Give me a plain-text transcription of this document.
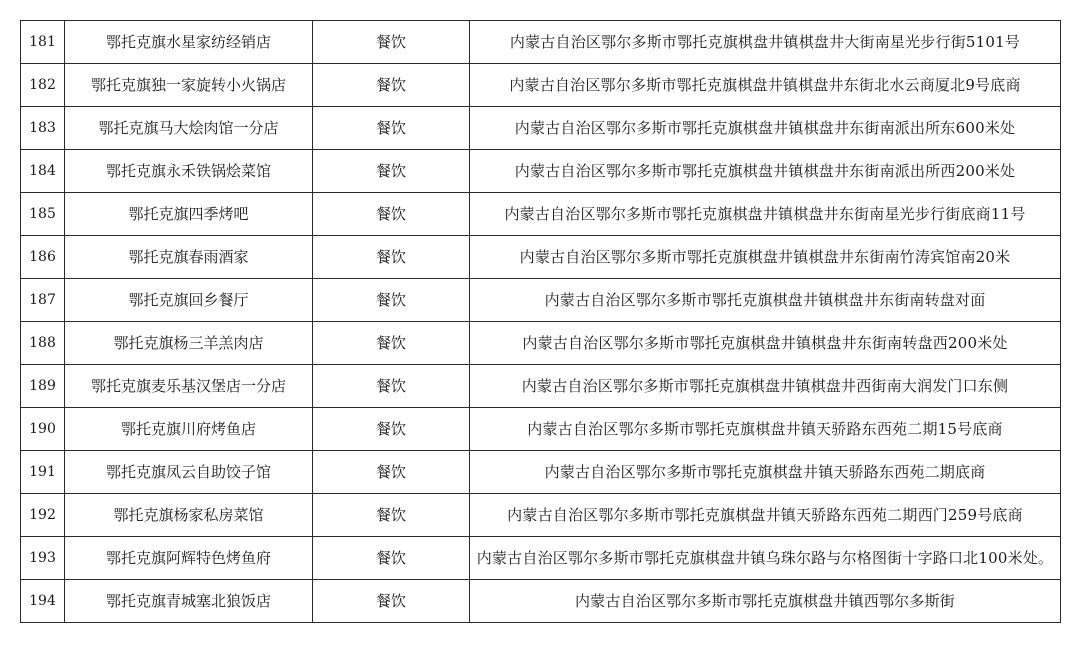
181	鄂托克旗水星家纺经销店	餐饮	内蒙古自治区鄂尔多斯市鄂托克旗棋盘井镇棋盘井大街南星光步行街5101号
182	鄂托克旗独一家旋转小火锅店	餐饮	内蒙古自治区鄂尔多斯市鄂托克旗棋盘井镇棋盘井东街北水云商厦北9号底商
183	鄂托克旗马大烩肉馆一分店	餐饮	内蒙古自治区鄂尔多斯市鄂托克旗棋盘井镇棋盘井东街南派出所东600米处
184	鄂托克旗永禾铁锅烩菜馆	餐饮	内蒙古自治区鄂尔多斯市鄂托克旗棋盘井镇棋盘井东街南派出所西200米处
185	鄂托克旗四季烤吧	餐饮	内蒙古自治区鄂尔多斯市鄂托克旗棋盘井镇棋盘井东街南星光步行街底商11号
186	鄂托克旗春雨酒家	餐饮	内蒙古自治区鄂尔多斯市鄂托克旗棋盘井镇棋盘井东街南竹涛宾馆南20米
187	鄂托克旗回乡餐厅	餐饮	内蒙古自治区鄂尔多斯市鄂托克旗棋盘井镇棋盘井东街南转盘对面
188	鄂托克旗杨三羊羔肉店	餐饮	内蒙古自治区鄂尔多斯市鄂托克旗棋盘井镇棋盘井东街南转盘西200米处
189	鄂托克旗麦乐基汉堡店一分店	餐饮	内蒙古自治区鄂尔多斯市鄂托克旗棋盘井镇棋盘井西街南大润发门口东侧
190	鄂托克旗川府烤鱼店	餐饮	内蒙古自治区鄂尔多斯市鄂托克旗棋盘井镇天骄路东西苑二期15号底商
191	鄂托克旗凤云自助饺子馆	餐饮	内蒙古自治区鄂尔多斯市鄂托克旗棋盘井镇天骄路东西苑二期底商
192	鄂托克旗杨家私房菜馆	餐饮	内蒙古自治区鄂尔多斯市鄂托克旗棋盘井镇天骄路东西苑二期西门259号底商
193	鄂托克旗阿辉特色烤鱼府	餐饮	内蒙古自治区鄂尔多斯市鄂托克旗棋盘井镇乌珠尔路与尔格图街十字路口北100米处。
194	鄂托克旗青城塞北狼饭店	餐饮	内蒙古自治区鄂尔多斯市鄂托克旗棋盘井镇西鄂尔多斯街
